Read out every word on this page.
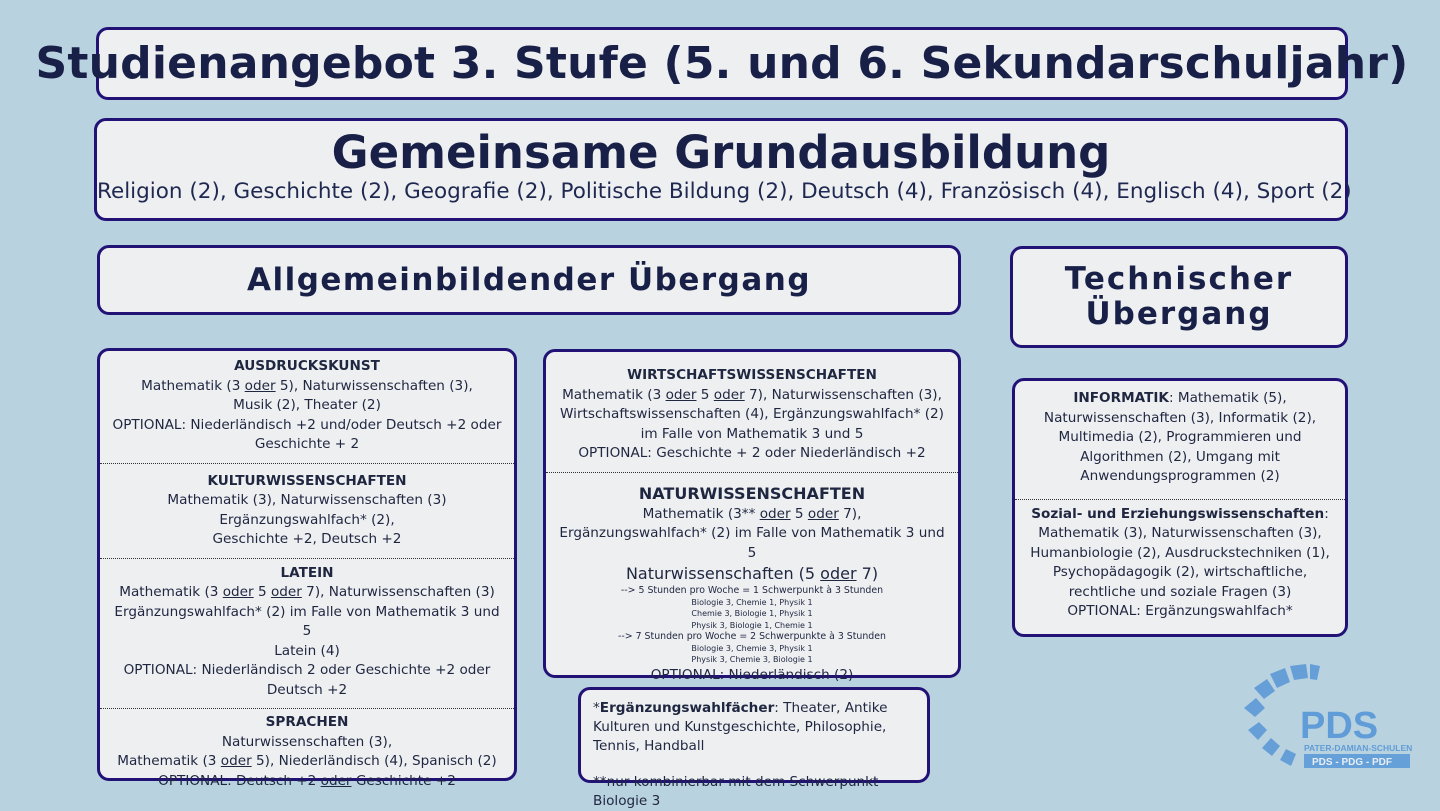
Studienangebot 3. Stufe (5. und 6. Sekundarschuljahr)
Gemeinsame Grundausbildung

Religion (2), Geschichte (2), Geografie (2), Politische Bildung (2), Deutsch (4), Französisch (4), Englisch (4), Sport (2)

Allgemeinbildender Übergang	Technischer
Übergang
AUSDRUCKSKUNST
Mathematik (3 oder 5), Naturwissenschaften (3),
Musik (2), Theater (2)
OPTIONAL: Niederländisch +2 und/oder Deutsch +2 oder Geschichte + 2
KULTURWISSENSCHAFTEN
Mathematik (3), Naturwissenschaften (3)
Ergänzungswahlfach* (2),
Geschichte +2, Deutsch +2
LATEIN
Mathematik (3 oder 5 oder 7), Naturwissenschaften (3)
Ergänzungswahlfach* (2) im Falle von Mathematik 3 und 5
Latein (4)
OPTIONAL: Niederländisch 2 oder Geschichte +2 oder Deutsch +2
SPRACHEN
Naturwissenschaften (3),
Mathematik (3 oder 5), Niederländisch (4), Spanisch (2)
OPTIONAL: Deutsch +2 oder Geschichte +2
WIRTSCHAFTSWISSENSCHAFTEN
Mathematik (3 oder 5 oder 7), Naturwissenschaften (3),
Wirtschaftswissenschaften (4), Ergänzungswahlfach* (2) im Falle von Mathematik 3 und 5
OPTIONAL: Geschichte + 2 oder Niederländisch +2
NATURWISSENSCHAFTEN
Mathematik (3** oder 5 oder 7),
Ergänzungswahlfach* (2) im Falle von Mathematik 3 und 5
Naturwissenschaften (5 oder 7)
--> 5 Stunden pro Woche = 1 Schwerpunkt à 3 Stunden
Biologie 3, Chemie 1, Physik 1
Chemie 3, Biologie 1, Physik 1
Physik 3, Biologie 1, Chemie 1
--> 7 Stunden pro Woche = 2 Schwerpunkte à 3 Stunden
Biologie 3, Chemie 3, Physik 1
Physik 3, Chemie 3, Biologie 1
OPTIONAL: Niederländisch (2)
*Ergänzungswahlfächer: Theater, Antike Kulturen und Kunstgeschichte, Philosophie, Tennis, Handball
**nur kombinierbar mit dem Schwerpunkt Biologie 3
INFORMATIK: Mathematik (5), Naturwissenschaften (3), Informatik (2), Multimedia (2), Programmieren und Algorithmen (2), Umgang mit Anwendungsprogrammen (2)
Sozial- und Erziehungswissenschaften:
Mathematik (3), Naturwissenschaften (3), Humanbiologie (2), Ausdruckstechniken (1), Psychopädagogik (2), wirtschaftliche, rechtliche und soziale Fragen (3)
OPTIONAL: Ergänzungswahlfach*
PDS
PATER-DAMIAN-SCHULEN
PDS - PDG - PDF
